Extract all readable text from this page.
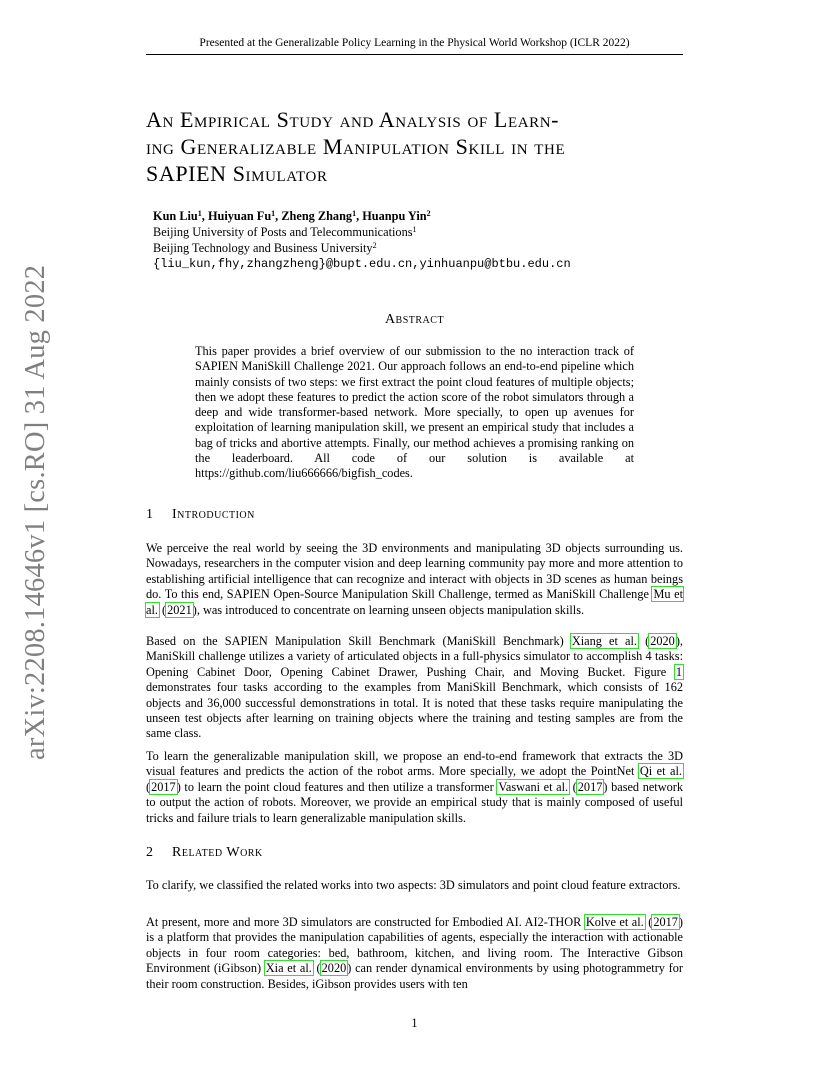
Presented at the Generalizable Policy Learning in the Physical World Workshop (ICLR 2022)
arXiv:2208.14646v1 [cs.RO] 31 Aug 2022
An Empirical Study and Analysis of Learn-
ing Generalizable Manipulation Skill in the
SAPIEN Simulator
Kun Liu$^1$, Huiyuan Fu$^1$, Zheng Zhang$^1$, Huanpu Yin$^2$
Beijing University of Posts and Telecommunications$^1$
Beijing Technology and Business University$^2$
{liu_kun,fhy,zhangzheng}@bupt.edu.cn,yinhuanpu@btbu.edu.cn
Abstract
This paper provides a brief overview of our submission to the no interaction track of SAPIEN ManiSkill Challenge 2021. Our approach follows an end-to-end pipeline which mainly consists of two steps: we first extract the point cloud features of multiple objects; then we adopt these features to predict the action score of the robot simulators through a deep and wide transformer-based network. More specially, to open up avenues for exploitation of learning manipulation skill, we present an empirical study that includes a bag of tricks and abortive attempts. Finally, our method achieves a promising ranking on the leaderboard. All code of our solution is available at https://github.com/liu666666/bigfish_codes.
1 Introduction
We perceive the real world by seeing the 3D environments and manipulating 3D objects surrounding us. Nowadays, researchers in the computer vision and deep learning community pay more and more attention to establishing artificial intelligence that can recognize and interact with objects in 3D scenes as human beings do. To this end, SAPIEN Open-Source Manipulation Skill Challenge, termed as ManiSkill Challenge Mu et al. (2021), was introduced to concentrate on learning unseen objects manipulation skills.
Based on the SAPIEN Manipulation Skill Benchmark (ManiSkill Benchmark) Xiang et al. (2020), ManiSkill challenge utilizes a variety of articulated objects in a full-physics simulator to accomplish 4 tasks: Opening Cabinet Door, Opening Cabinet Drawer, Pushing Chair, and Moving Bucket. Figure 1 demonstrates four tasks according to the examples from ManiSkill Benchmark, which consists of 162 objects and 36,000 successful demonstrations in total. It is noted that these tasks require manipulating the unseen test objects after learning on training objects where the training and testing samples are from the same class.
To learn the generalizable manipulation skill, we propose an end-to-end framework that extracts the 3D visual features and predicts the action of the robot arms. More specially, we adopt the PointNet Qi et al. (2017) to learn the point cloud features and then utilize a transformer Vaswani et al. (2017) based network to output the action of robots. Moreover, we provide an empirical study that is mainly composed of useful tricks and failure trials to learn generalizable manipulation skills.
2 Related Work
To clarify, we classified the related works into two aspects: 3D simulators and point cloud feature extractors.
At present, more and more 3D simulators are constructed for Embodied AI. AI2-THOR Kolve et al. (2017) is a platform that provides the manipulation capabilities of agents, especially the interaction with actionable objects in four room categories: bed, bathroom, kitchen, and living room. The Interactive Gibson Environment (iGibson) Xia et al. (2020) can render dynamical environments by using photogrammetry for their room construction. Besides, iGibson provides users with ten
1
